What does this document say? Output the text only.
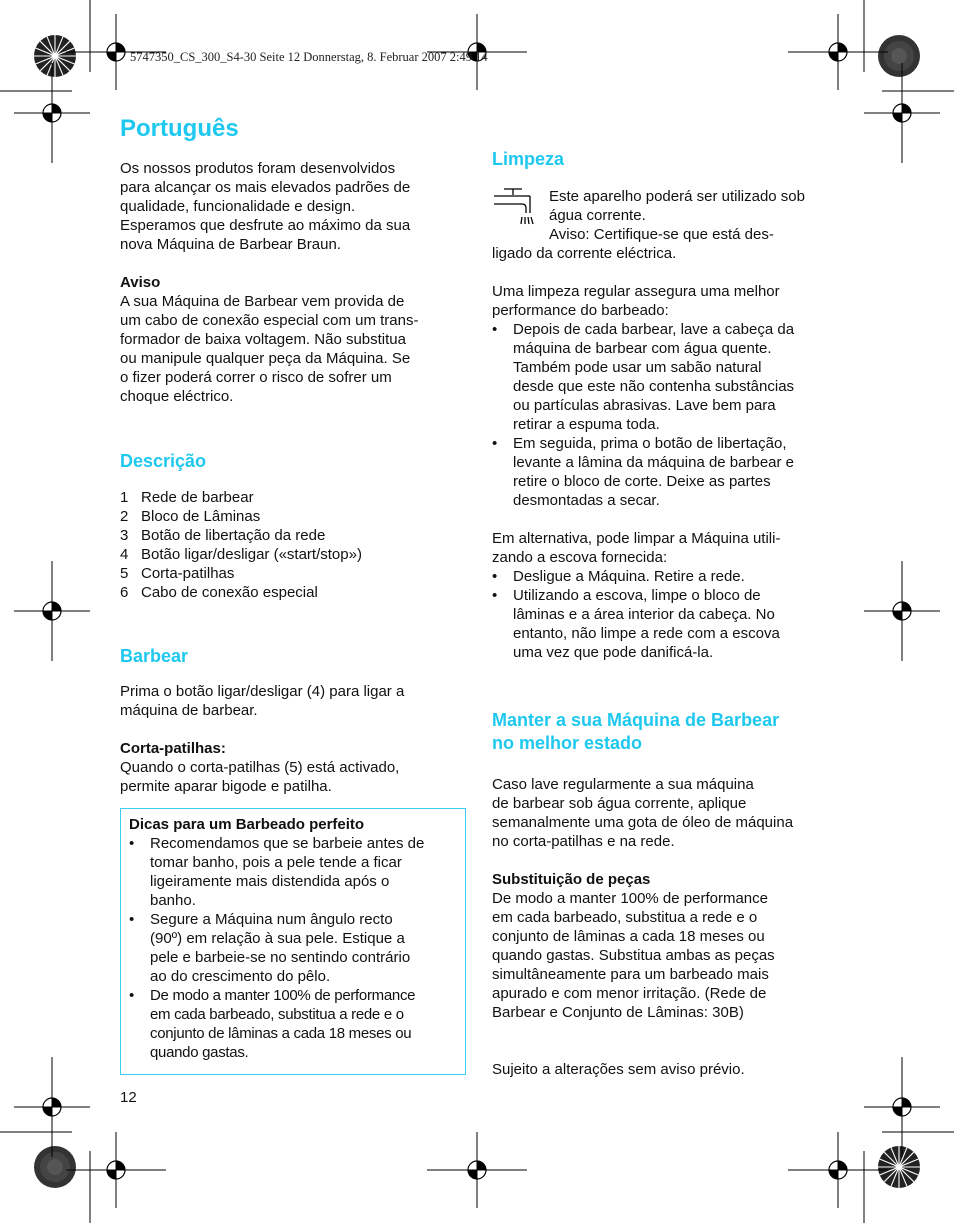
5747350_CS_300_S4-30 Seite 12 Donnerstag, 8. Februar 2007 2:49 14
Português

Os nossos produtos foram desenvolvidos

para alcançar os mais elevados padrões de

qualidade, funcionalidade e design.

Esperamos que desfrute ao máximo da sua

nova Máquina de Barbear Braun.

Aviso

A sua Máquina de Barbear vem provida de

um cabo de conexão especial com um trans-

formador de baixa voltagem. Não substitua

ou manipule qualquer peça da Máquina. Se

o fizer poderá correr o risco de sofrer um

choque eléctrico.

Descrição
1 Rede de barbear
2 Bloco de Lâminas
3 Botão de libertação da rede
4 Botão ligar/desligar («start/stop»)
5 Corta-patilhas
6 Cabo de conexão especial
Barbear

Prima o botão ligar/desligar (4) para ligar a

máquina de barbear.

Corta-patilhas:

Quando o corta-patilhas (5) está activado,

permite aparar bigode e patilha.

Dicas para um Barbeado perfeito

• Recomendamos que se barbeie antes de
tomar banho, pois a pele tende a ficar
ligeiramente mais distendida após o
banho.
• Segure a Máquina num ângulo recto
(90º) em relação à sua pele. Estique a
pele e barbeie-se no sentindo contrário
ao do crescimento do pêlo.
• De modo a manter 100% de performance
em cada barbeado, substitua a rede e o
conjunto de lâminas a cada 18 meses ou
quando gastas.
12
Limpeza

Este aparelho poderá ser utilizado sob

água corrente.

Aviso: Certifique-se que está des-

ligado da corrente eléctrica.

Uma limpeza regular assegura uma melhor

performance do barbeado:

• Depois de cada barbear, lave a cabeça da
máquina de barbear com água quente.
Também pode usar um sabão natural
desde que este não contenha substâncias
ou partículas abrasivas. Lave bem para
retirar a espuma toda.
• Em seguida, prima o botão de libertação,
levante a lâmina da máquina de barbear e
retire o bloco de corte. Deixe as partes
desmontadas a secar.

Em alternativa, pode limpar a Máquina utili-

zando a escova fornecida:

• Desligue a Máquina. Retire a rede.
• Utilizando a escova, limpe o bloco de
lâminas e a área interior da cabeça. No
entanto, não limpe a rede com a escova
uma vez que pode danificá-la.
Manter a sua Máquina de Barbear
no melhor estado

Caso lave regularmente a sua máquina

de barbear sob água corrente, aplique

semanalmente uma gota de óleo de máquina

no corta-patilhas e na rede.

Substituição de peças

De modo a manter 100% de performance

em cada barbeado, substitua a rede e o

conjunto de lâminas a cada 18 meses ou

quando gastas. Substitua ambas as peças

simultâneamente para um barbeado mais

apurado e com menor irritação. (Rede de

Barbear e Conjunto de Lâminas: 30B)

Sujeito a alterações sem aviso prévio.
